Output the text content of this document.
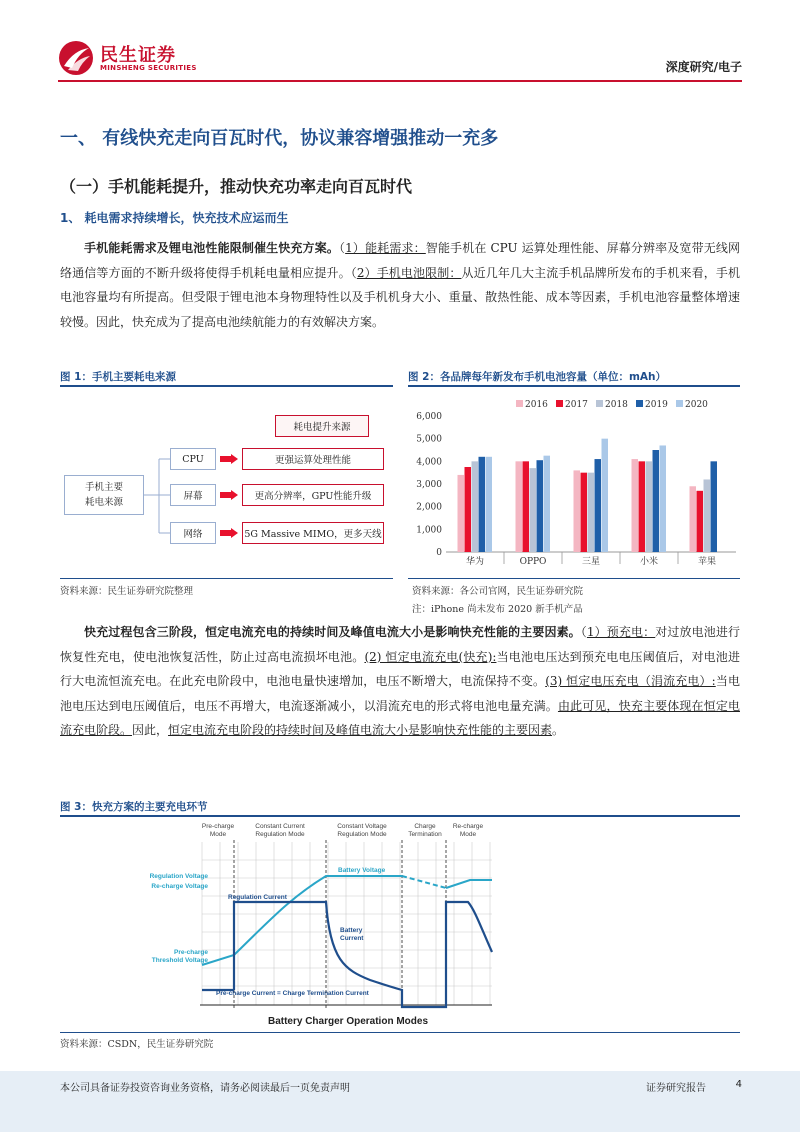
民生证券
MINSHENG SECURITIES	深度研究/电子
一、 有线快充走向百瓦时代，协议兼容增强推动一充多
（一）手机能耗提升，推动快充功率走向百瓦时代
1、 耗电需求持续增长，快充技术应运而生
手机能耗需求及锂电池性能限制催生快充方案。（1）能耗需求：智能手机在 CPU 运算处理性能、屏幕分辨率及宽带无线网络通信等方面的不断升级将使得手机耗电量相应提升。（2）手机电池限制：从近几年几大主流手机品牌所发布的手机来看，手机电池容量均有所提高。但受限于锂电池本身物理特性以及手机机身大小、重量、散热性能、成本等因素，手机电池容量整体增速较慢。因此，快充成为了提高电池续航能力的有效解决方案。
图 1：手机主要耗电来源
耗电提升来源
手机主要
耗电来源
CPU
屏幕
网络
更强运算处理性能
更高分辨率，GPU性能升级
5G Massive MIMO，更多天线
资料来源：民生证券研究院整理
图 2：各品牌每年新发布手机电池容量（单位：mAh）
2016 2017 2018 2019 2020
6,000
5,000
4,000
3,000
2,000
1,000
0
华为	OPPO	三星	小米	苹果
资料来源：各公司官网，民生证券研究院
注：iPhone 尚未发布 2020 新手机产品
快充过程包含三阶段，恒定电流充电的持续时间及峰值电流大小是影响快充性能的主要因素。（1）预充电：对过放电池进行恢复性充电，使电池恢复活性，防止过高电流损坏电池。(2) 恒定电流充电(快充):当电池电压达到预充电电压阈值后，对电池进行大电流恒流充电。在此充电阶段中，电池电量快速增加，电压不断增大，电流保持不变。(3) 恒定电压充电（涓流充电）:当电池电压达到电压阈值后，电压不再增大，电流逐渐减小，以涓流充电的形式将电池电量充满。由此可见，快充主要体现在恒定电流充电阶段。因此，恒定电流充电阶段的持续时间及峰值电流大小是影响快充性能的主要因素。
图 3：快充方案的主要充电环节
Pre-charge Mode
Constant Current Regulation Mode
Constant Voltage Regulation Mode
Charge Termination
Re-charge Mode
Regulation Voltage
Re-charge Voltage
Pre-charge Threshold Voltage
Regulation Current
Battery Voltage
Battery Current
Pre-charge Current = Charge Termination Current
Battery Charger Operation Modes
资料来源：CSDN，民生证券研究院
本公司具备证券投资咨询业务资格，请务必阅读最后一页免责声明	证券研究报告	4
